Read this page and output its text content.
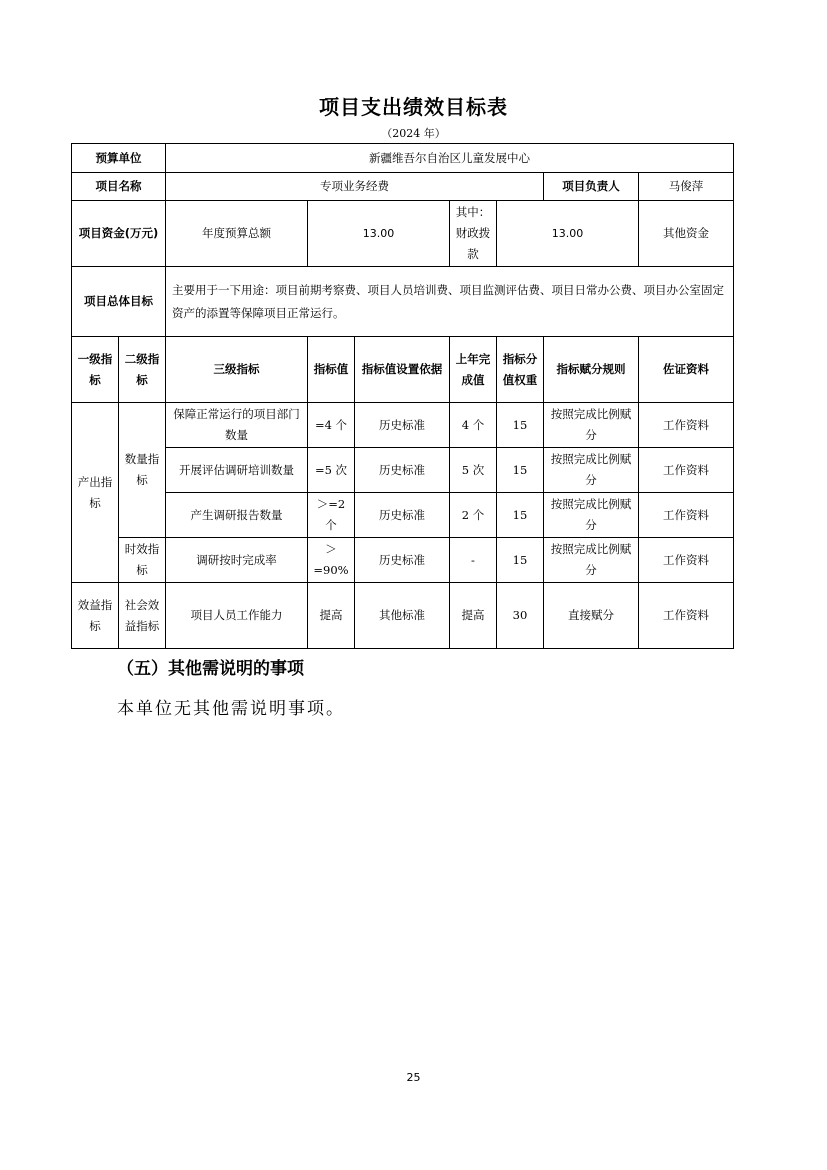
项目支出绩效目标表
（2024 年）
预算单位		新疆维吾尔自治区儿童发展中心							
项目名称		专项业务经费					项目负责人	马俊萍	
项目资金(万元)		年度预算总额	13.00		其中：财政拨款	13.00		其他资金	
项目总体目标		主要用于一下用途：项目前期考察费、项目人员培训费、项目监测评估费、项目日常办公费、项目办公室固定资产的添置等保障项目正常运行。							
一级指标	二级指标	三级指标	指标值	指标值设置依据	上年完成值	指标分值权重	指标赋分规则	佐证资料	
产出指标	数量指标	保障正常运行的项目部门数量	=4 个	历史标准	4 个	15	按照完成比例赋分	工作资料	
		开展评估调研培训数量	=5 次	历史标准	5 次	15	按照完成比例赋分	工作资料	
		产生调研报告数量	＞=2 个	历史标准	2 个	15	按照完成比例赋分	工作资料	
	时效指标	调研按时完成率	＞ =90%	历史标准	-	15	按照完成比例赋分	工作资料	
效益指标	社会效益指标	项目人员工作能力	提高	其他标准	提高	30	直接赋分	工作资料	
（五）其他需说明的事项
本单位无其他需说明事项。
25
